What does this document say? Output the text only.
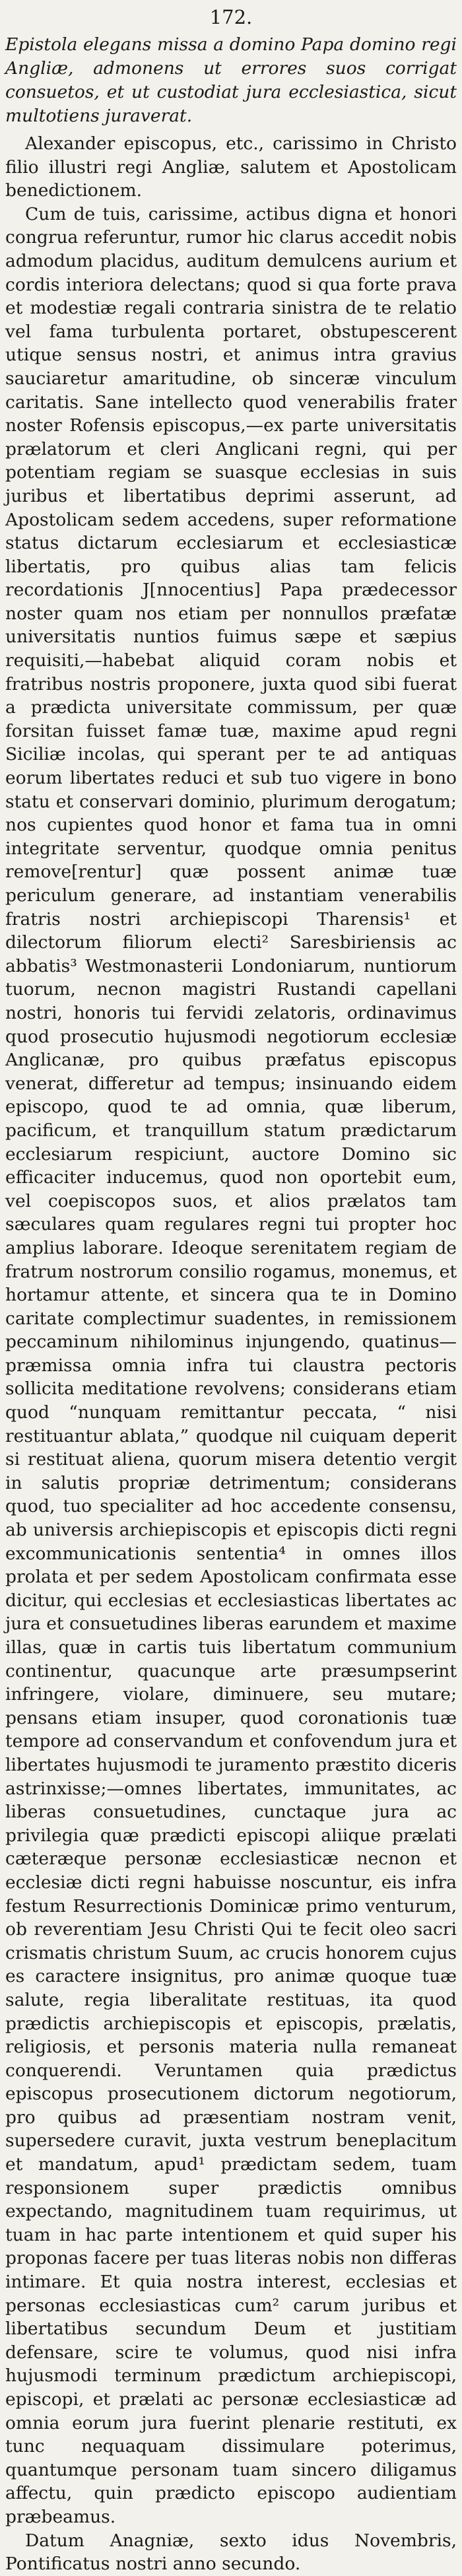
172.
Epistola elegans missa a domino Papa domino regi Angliæ, admonens ut errores suos corrigat consuetos, et ut custodiat jura ecclesiastica, sicut multotiens juraverat.

Alexander episcopus, etc., carissimo in Christo filio illustri regi Angliæ, salutem et Apostolicam benedictionem.

Cum de tuis, carissime, actibus digna et honori congrua referuntur, rumor hic clarus accedit nobis admodum placidus, auditum demulcens aurium et cordis interiora delectans; quod si qua forte prava et modestiæ regali contraria sinistra de te relatio vel fama turbulenta portaret, obstupescerent utique sensus nostri, et animus intra gravius sauciaretur amaritudine, ob sinceræ vinculum caritatis. Sane intellecto quod venerabilis frater noster Rofensis episcopus,—ex parte universitatis prælatorum et cleri Anglicani regni, qui per potentiam regiam se suasque ecclesias in suis juribus et libertatibus deprimi asserunt, ad Apostolicam sedem accedens, super reformatione status dictarum ecclesiarum et ecclesiasticæ libertatis, pro quibus alias tam felicis recordationis J[nnocentius] Papa prædecessor noster quam nos etiam per nonnullos præfatæ universitatis nuntios fuimus sæpe et sæpius requisiti,—habebat aliquid coram nobis et fratribus nostris proponere, juxta quod sibi fuerat a prædicta universitate commissum, per quæ forsitan fuisset famæ tuæ, maxime apud regni Siciliæ incolas, qui sperant per te ad antiquas eorum libertates reduci et sub tuo vigere in bono statu et conservari dominio, plurimum derogatum; nos cupientes quod honor et fama tua in omni integritate serventur, quodque omnia penitus remove[rentur] quæ possent animæ tuæ periculum generare, ad instantiam venerabilis fratris nostri archiepiscopi Tharensis¹ et dilectorum filiorum electi² Saresbiriensis ac abbatis³ Westmonasterii Londoniarum, nuntiorum tuorum, necnon magistri Rustandi capellani nostri, honoris tui fervidi zelatoris, ordinavimus quod prosecutio hujusmodi negotiorum ecclesiæ Anglicanæ, pro quibus præfatus episcopus venerat, differetur ad tempus; insinuando eidem episcopo, quod te ad omnia, quæ liberum, pacificum, et tranquillum statum prædictarum ecclesiarum respiciunt, auctore Domino sic efficaciter inducemus, quod non oportebit eum, vel coepiscopos suos, et alios prælatos tam sæculares quam regulares regni tui propter hoc amplius laborare. Ideoque serenitatem regiam de fratrum nostrorum consilio rogamus, monemus, et hortamur attente, et sincera qua te in Domino caritate complectimur suadentes, in remissionem peccaminum nihilominus injungendo, quatinus—præmissa omnia infra tui claustra pectoris sollicita meditatione revolvens; considerans etiam quod “nunquam remittantur peccata, “ nisi restituantur ablata,” quodque nil cuiquam deperit si restituat aliena, quorum misera detentio vergit in salutis propriæ detrimentum; considerans quod, tuo specialiter ad hoc accedente consensu, ab universis archiepiscopis et episcopis dicti regni excommunicationis sententia⁴ in omnes illos prolata et per sedem Apostolicam confirmata esse dicitur, qui ecclesias et ecclesiasticas libertates ac jura et consuetudines liberas earundem et maxime illas, quæ in cartis tuis libertatum communium continentur, quacunque arte præsumpserint infringere, violare, diminuere, seu mutare; pensans etiam insuper, quod coronationis tuæ tempore ad conservandum et confovendum jura et libertates hujusmodi te juramento præstito diceris astrinxisse;—omnes libertates, immunitates, ac liberas consuetudines, cunctaque jura ac privilegia quæ prædicti episcopi aliique prælati cæteræque personæ ecclesiasticæ necnon et ecclesiæ dicti regni habuisse noscuntur, eis infra festum Resurrectionis Dominicæ primo venturum, ob reverentiam Jesu Christi Qui te fecit oleo sacri crismatis christum Suum, ac crucis honorem cujus es caractere insignitus, pro animæ quoque tuæ salute, regia liberalitate restituas, ita quod prædictis archiepiscopis et episcopis, prælatis, religiosis, et personis materia nulla remaneat conquerendi. Veruntamen quia prædictus episcopus prosecutionem dictorum negotiorum, pro quibus ad præsentiam nostram venit, supersedere curavit, juxta vestrum beneplacitum et mandatum, apud¹ prædictam sedem, tuam responsionem super prædictis omnibus expectando, magnitudinem tuam requirimus, ut tuam in hac parte intentionem et quid super his proponas facere per tuas literas nobis non differas intimare. Et quia nostra interest, ecclesias et personas ecclesiasticas cum² carum juribus et libertatibus secundum Deum et justitiam defensare, scire te volumus, quod nisi infra hujusmodi terminum prædictum archiepiscopi, episcopi, et prælati ac personæ ecclesiasticæ ad omnia eorum jura fuerint plenarie restituti, ex tunc nequaquam dissimulare poterimus, quantumque personam tuam sincero diligamus affectu, quin prædicto episcopo audientiam præbeamus.

Datum Anagniæ, sexto idus Novembris, Pontificatus nostri anno secundo.
